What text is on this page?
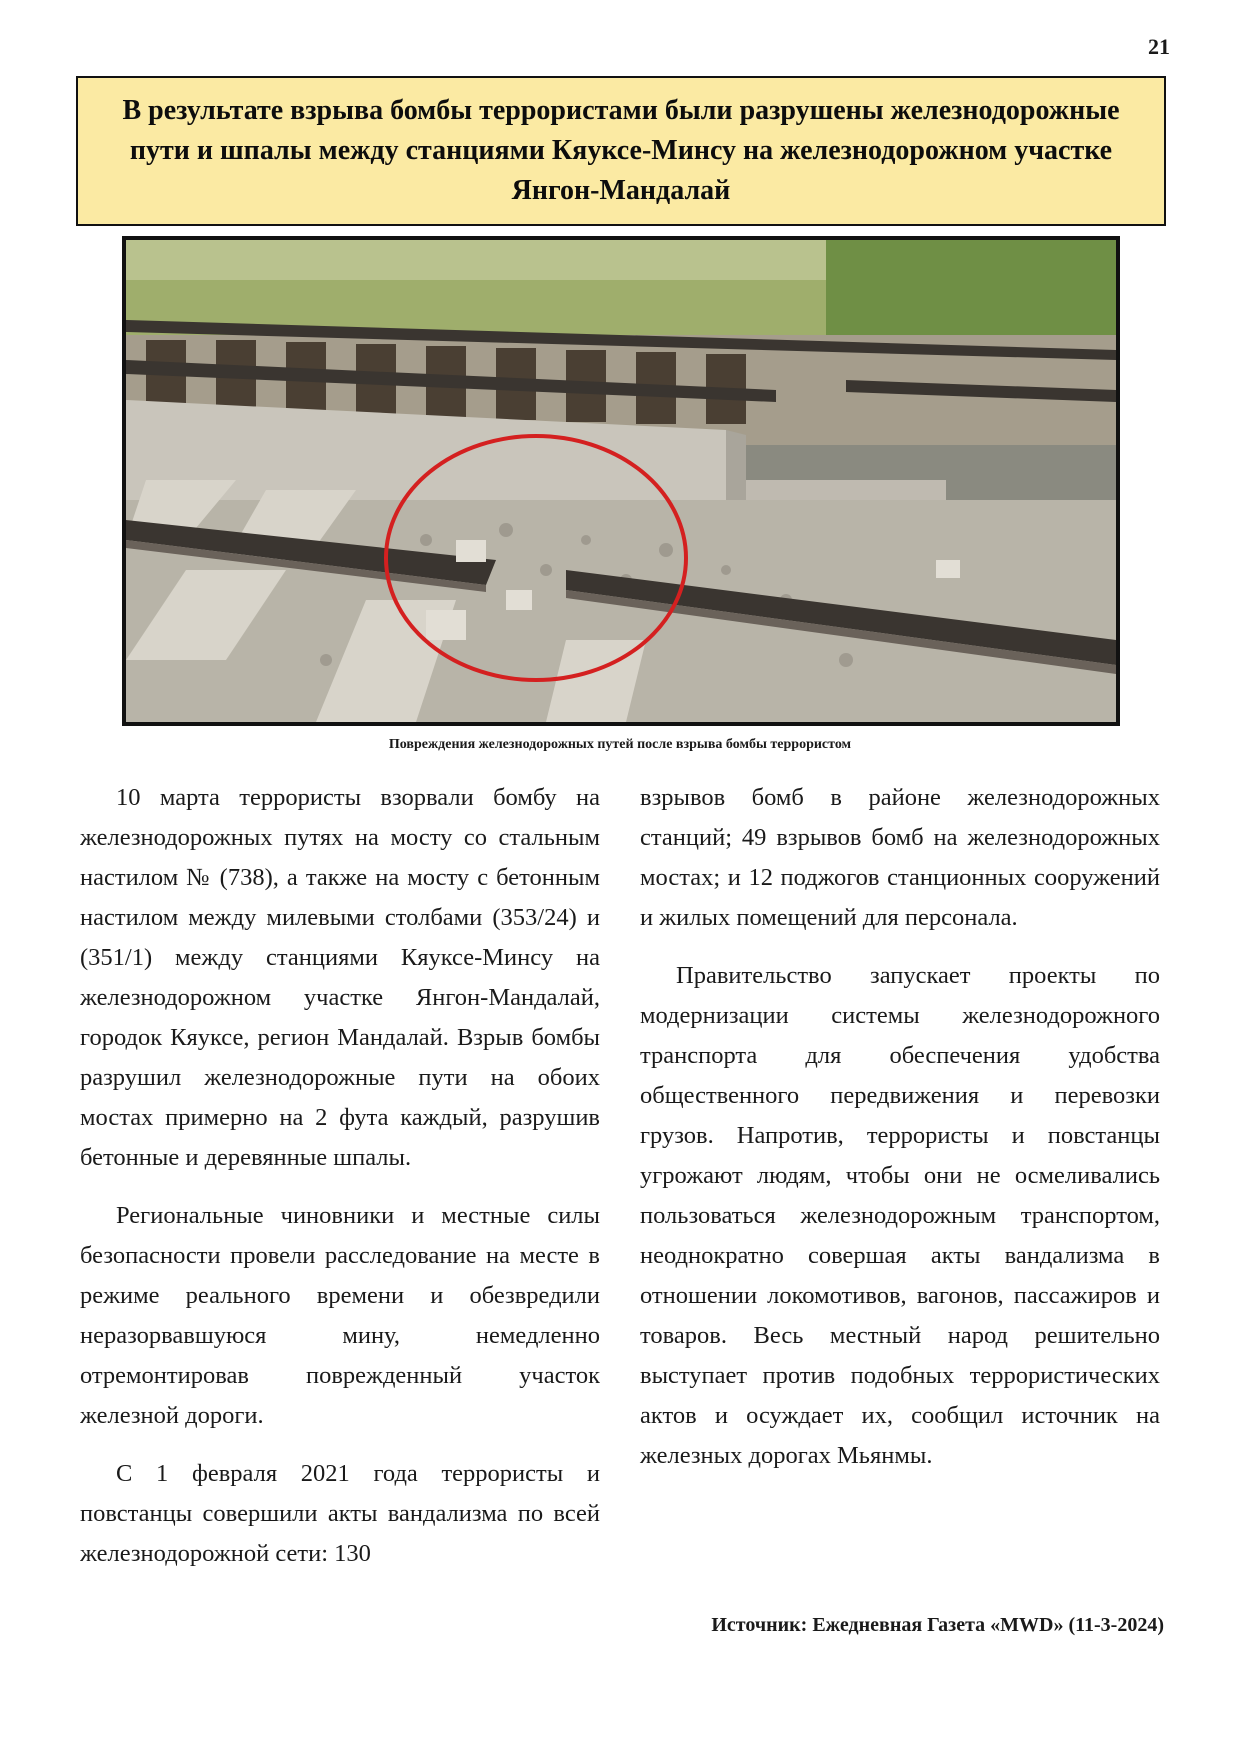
21
В результате взрыва бомбы террористами были разрушены железнодорожные пути и шпалы между станциями Кяуксе-Минсу на железнодорожном участке Янгон-Мандалай
Повреждения железнодорожных путей после взрыва бомбы террористом

10 марта террористы взорвали бомбу на железнодорожных путях на мосту со стальным настилом № (738), а также на мосту с бетонным настилом между милевыми столбами (353/24) и (351/1) между станциями Кяуксе-Минсу на железнодорожном участке Янгон-Мандалай, городок Кяуксе, регион Мандалай. Взрыв бомбы разрушил железнодорожные пути на обоих мостах примерно на 2 фута каждый, разрушив бетонные и деревянные шпалы.

Региональные чиновники и местные силы безопасности провели расследование на месте в режиме реального времени и обезвредили неразорвавшуюся мину, немедленно отремонтировав поврежденный участок железной дороги.

С 1 февраля 2021 года террористы и повстанцы совершили акты вандализма по всей железнодорожной сети: 130

взрывов бомб в районе железнодорожных станций; 49 взрывов бомб на железнодорожных мостах; и 12 поджогов станционных сооружений и жилых помещений для персонала.

Правительство запускает проекты по модернизации системы железнодорожного транспорта для обеспечения удобства общественного передвижения и перевозки грузов. Напротив, террористы и повстанцы угрожают людям, чтобы они не осмеливались пользоваться железнодорожным транспортом, неоднократно совершая акты вандализма в отношении локомотивов, вагонов, пассажиров и товаров. Весь местный народ решительно выступает против подобных террористических актов и осуждает их, сообщил источник на железных дорогах Мьянмы.

Источник: Ежедневная Газета «MWD» (11-3-2024)
